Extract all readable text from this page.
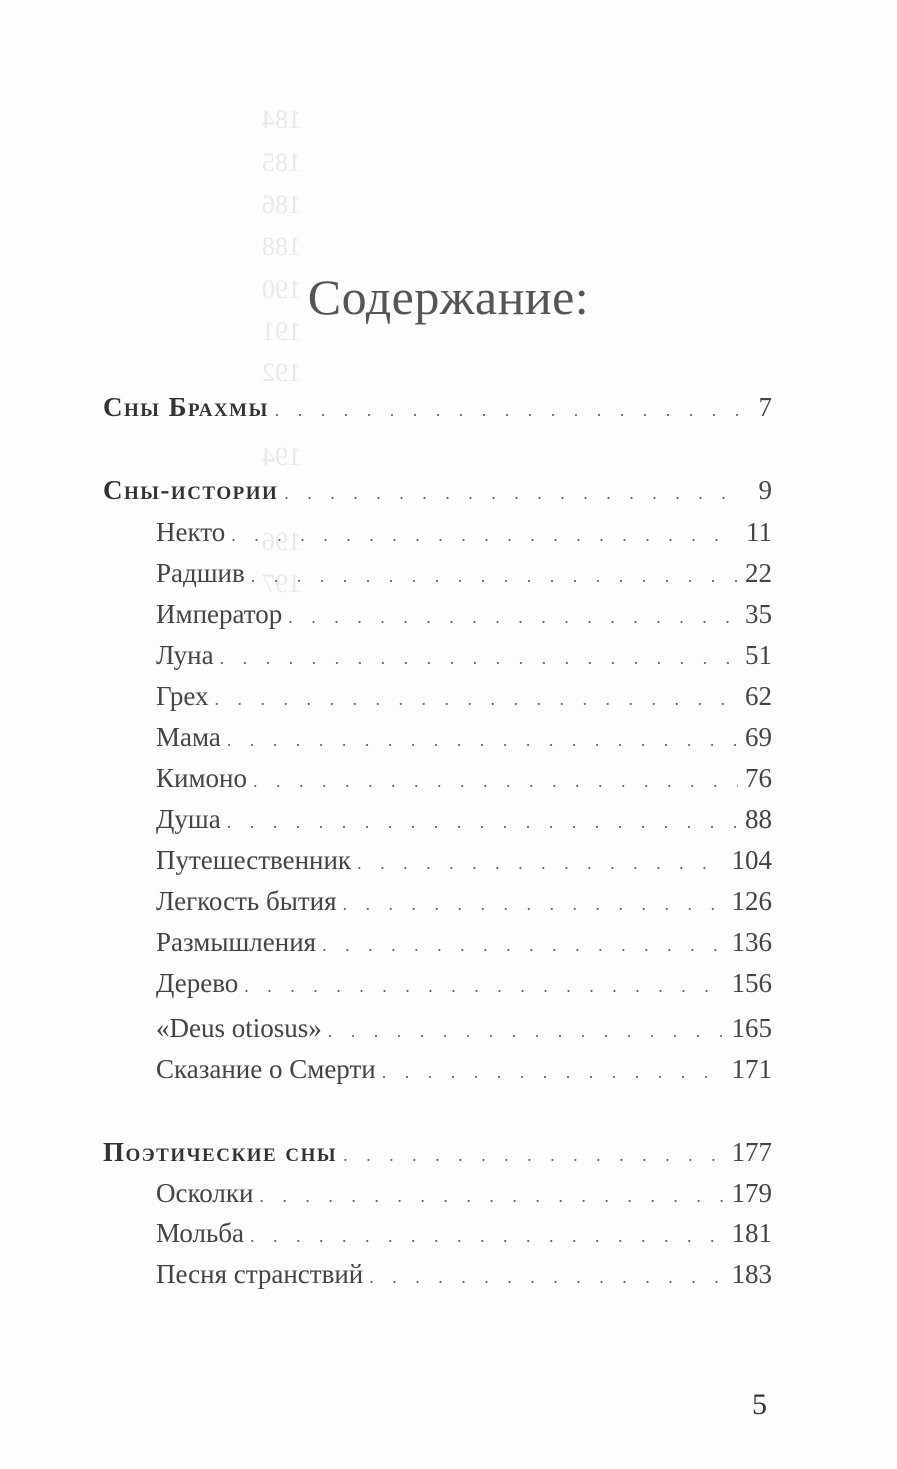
184
185
186
188
190
191
192
194
196
197
Содержание:
Сны Брахмы . . .	7
Сны-истории . . .	9
Некто . . .	11
Радшив . . .	22
Император . . .	35
Луна . . .	51
Грех . . .	62
Мама . . .	69
Кимоно . . .	76
Душа . . .	88
Путешественник . . .	104
Легкость бытия . . .	126
Размышления . . .	136
Дерево . . .	156
«Deus otiosus» . . .	165
Сказание о Смерти . . .	171
Поэтические сны . . .	177
Осколки . . .	179
Мольба . . .	181
Песня странствий . . .	183
5
